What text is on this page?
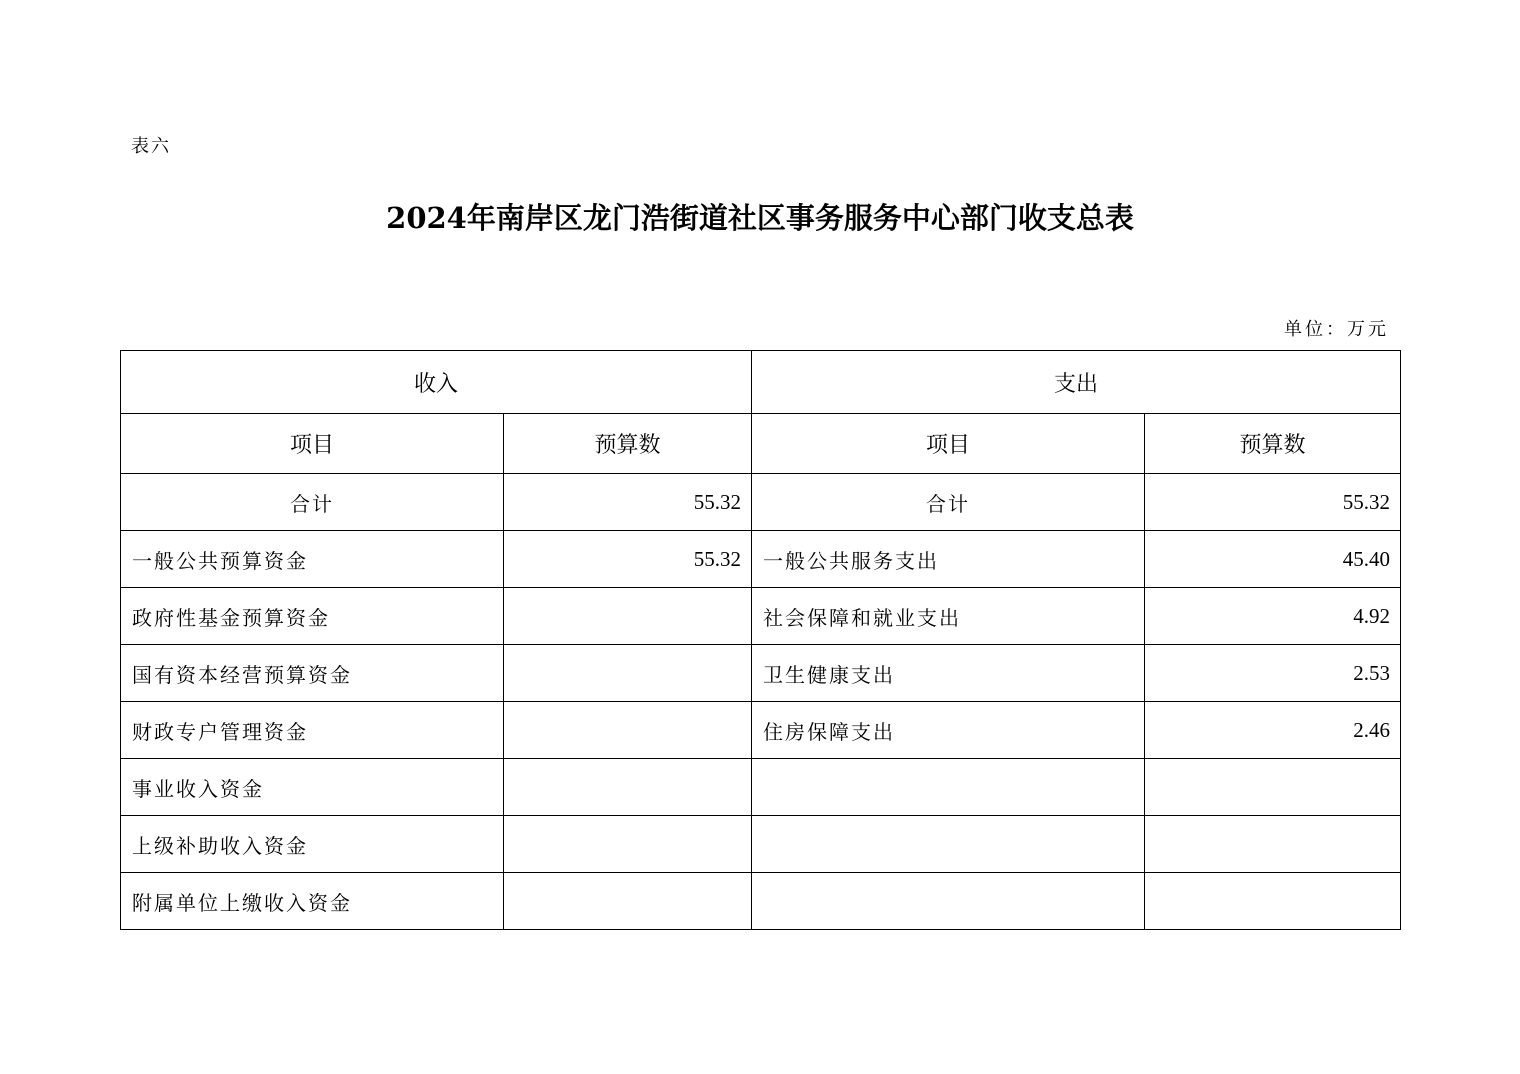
表六
2024年南岸区龙门浩街道社区事务服务中心部门收支总表
单位：万元
收入		支出	
项目	预算数	项目	预算数
合计	55.32	合计	55.32
一般公共预算资金	55.32	一般公共服务支出	45.40
政府性基金预算资金		社会保障和就业支出	4.92
国有资本经营预算资金		卫生健康支出	2.53
财政专户管理资金		住房保障支出	2.46
事业收入资金			
上级补助收入资金			
附属单位上缴收入资金			
